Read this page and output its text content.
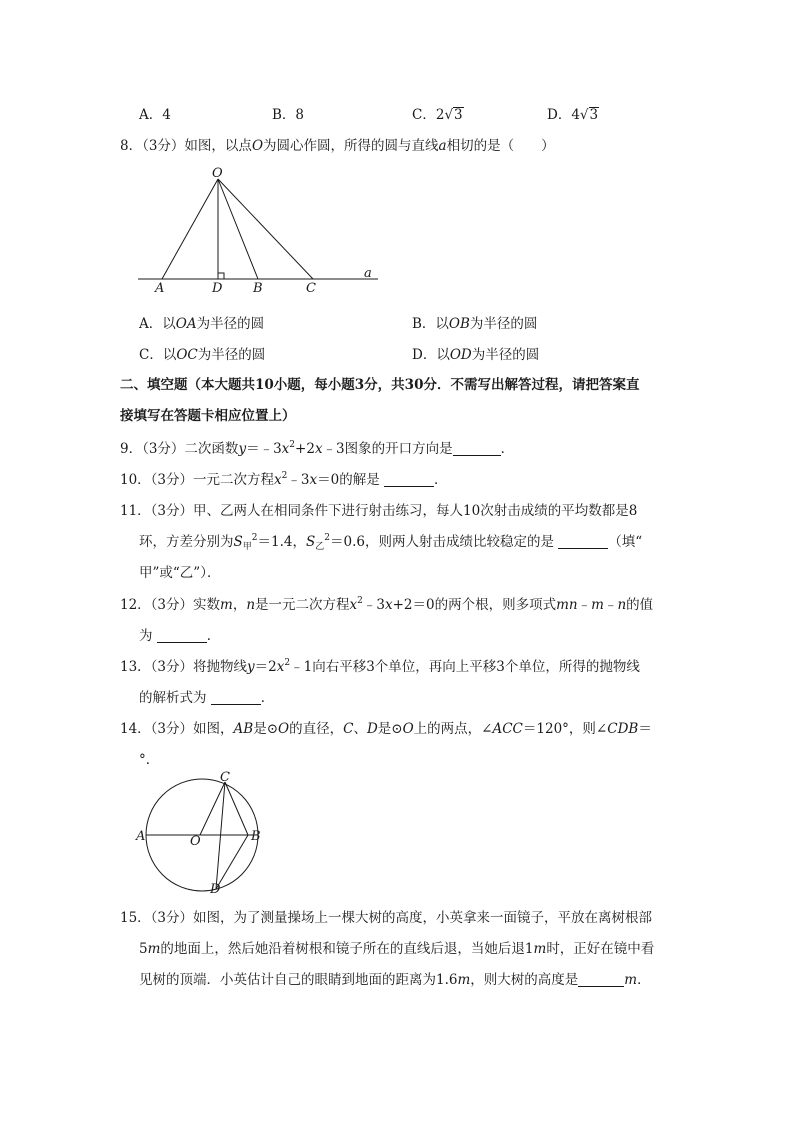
A．4	B．8	C．2√3	D．4√3
8．（3分）如图，以点O为圆心作圆，所得的圆与直线a相切的是（　　）
O
A	D B	C
a
A．以OA为半径的圆	B．以OB为半径的圆
C．以OC为半径的圆	D．以OD为半径的圆
二、填空题（本大题共10小题，每小题3分，共30分．不需写出解答过程，请把答案直
接填写在答题卡相应位置上）
9．（3分）二次函数$y=﹣3x^2+2x﹣3$图象的开口方向是	．
10．（3分）一元二次方程$x^2﹣3x=0$的解是	．
11．（3分）甲、乙两人在相同条件下进行射击练习，每人10次射击成绩的平均数都是8
环，方差分别为$S_甲^2=1.4$，$S_乙^2=0.6$，则两人射击成绩比较稳定的是	（填“
甲”或“乙”）．
12．（3分）实数m，n是一元二次方程$x^2﹣3x+2=0$的两个根，则多项式mn﹣m﹣n的值
为	．
13．（3分）将抛物线$y=2x^2﹣1$向右平移3个单位，再向上平移3个单位，所得的抛物线
的解析式为	．
14．（3分）如图，AB是⊙O的直径，C、D是⊙O上的两点，∠ACC＝120°，则∠CDB＝
°．
C
A	O	B
D
15．（3分）如图，为了测量操场上一棵大树的高度，小英拿来一面镜子，平放在离树根部
5m的地面上，然后她沿着树根和镜子所在的直线后退，当她后退1m时，正好在镜中看
见树的顶端．小英估计自己的眼睛到地面的距离为1.6m，则大树的高度是	m．
